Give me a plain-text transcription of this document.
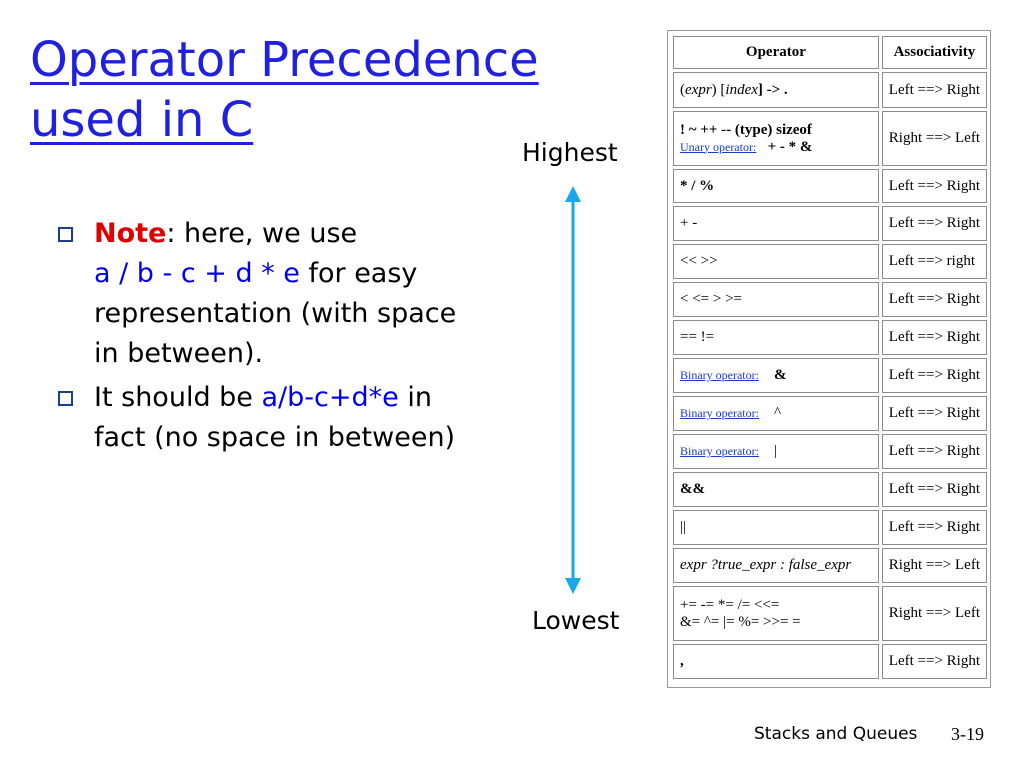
Operator Precedence
used in C
Note: here, we use
a / b - c + d * e for easy representation (with space in between).
It should be a/b-c+d*e in fact (no space in between)
Highest
Lowest
Operator	Associativity
(expr) [index] -> .	Left ==> Right

! ~ ++ -- (type) sizeof
Unary operator: + - * &	Right ==> Left
* / %	Left ==> Right
+ -	Left ==> Right
<< >>	Left ==> right
< <= > >=	Left ==> Right
== !=	Left ==> Right
Binary operator: &	Left ==> Right
Binary operator: ^	Left ==> Right
Binary operator: |	Left ==> Right
&&	Left ==> Right
||	Left ==> Right
expr ?true_expr : false_expr	Right ==> Left

+= -= *= /= <<=
&= ^= |= %= >>= =	Right ==> Left
,	Left ==> Right
Stacks and Queues 3-19
